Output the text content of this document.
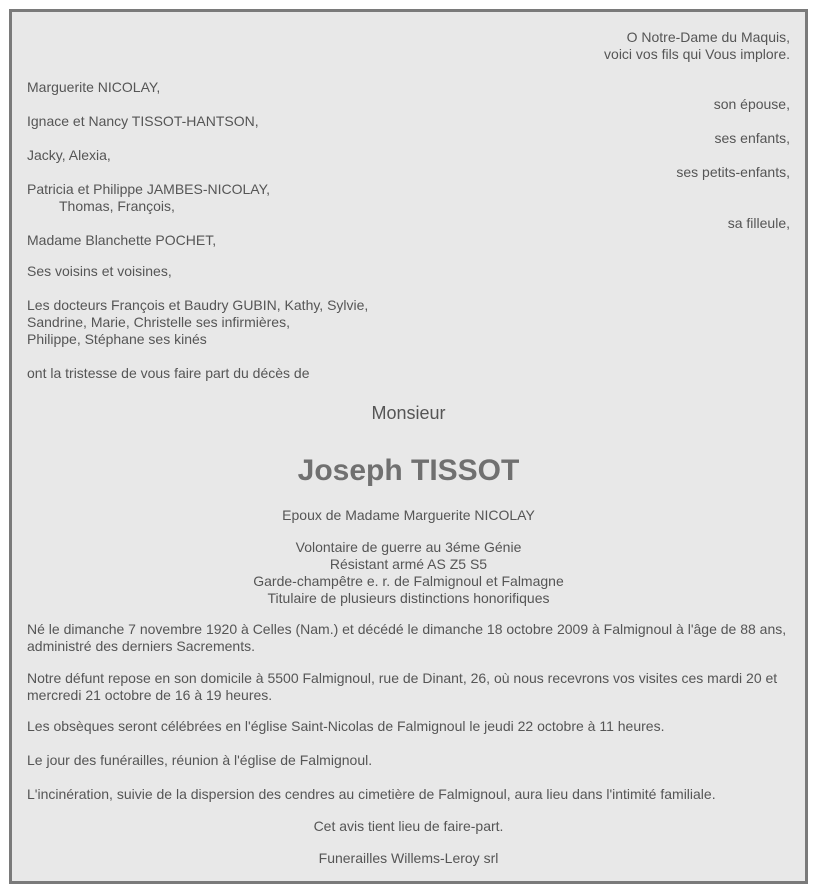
O Notre-Dame du Maquis,
voici vos fils qui Vous implore.
Marguerite NICOLAY,
son épouse,
Ignace et Nancy TISSOT-HANTSON,
ses enfants,
Jacky, Alexia,
ses petits-enfants,
Patricia et Philippe JAMBES-NICOLAY,
Thomas, François,
sa filleule,
Madame Blanchette POCHET,
Ses voisins et voisines,
Les docteurs François et Baudry GUBIN, Kathy, Sylvie,
Sandrine, Marie, Christelle ses infirmières,
Philippe, Stéphane ses kinés
ont la tristesse de vous faire part du décès de
Monsieur
Joseph TISSOT
Epoux de Madame Marguerite NICOLAY
Volontaire de guerre au 3éme Génie
Résistant armé AS Z5 S5
Garde-champêtre e. r. de Falmignoul et Falmagne
Titulaire de plusieurs distinctions honorifiques
Né le dimanche 7 novembre 1920 à Celles (Nam.) et décédé le dimanche 18 octobre 2009 à Falmignoul à l'âge de 88 ans, administré des derniers Sacrements.
Notre défunt repose en son domicile à 5500 Falmignoul, rue de Dinant, 26, où nous recevrons vos visites ces mardi 20 et mercredi 21 octobre de 16 à 19 heures.
Les obsèques seront célébrées en l'église Saint-Nicolas de Falmignoul le jeudi 22 octobre à 11 heures.
Le jour des funérailles, réunion à l'église de Falmignoul.
L'incinération, suivie de la dispersion des cendres au cimetière de Falmignoul, aura lieu dans l'intimité familiale.
Cet avis tient lieu de faire-part.
Funerailles Willems-Leroy srl
